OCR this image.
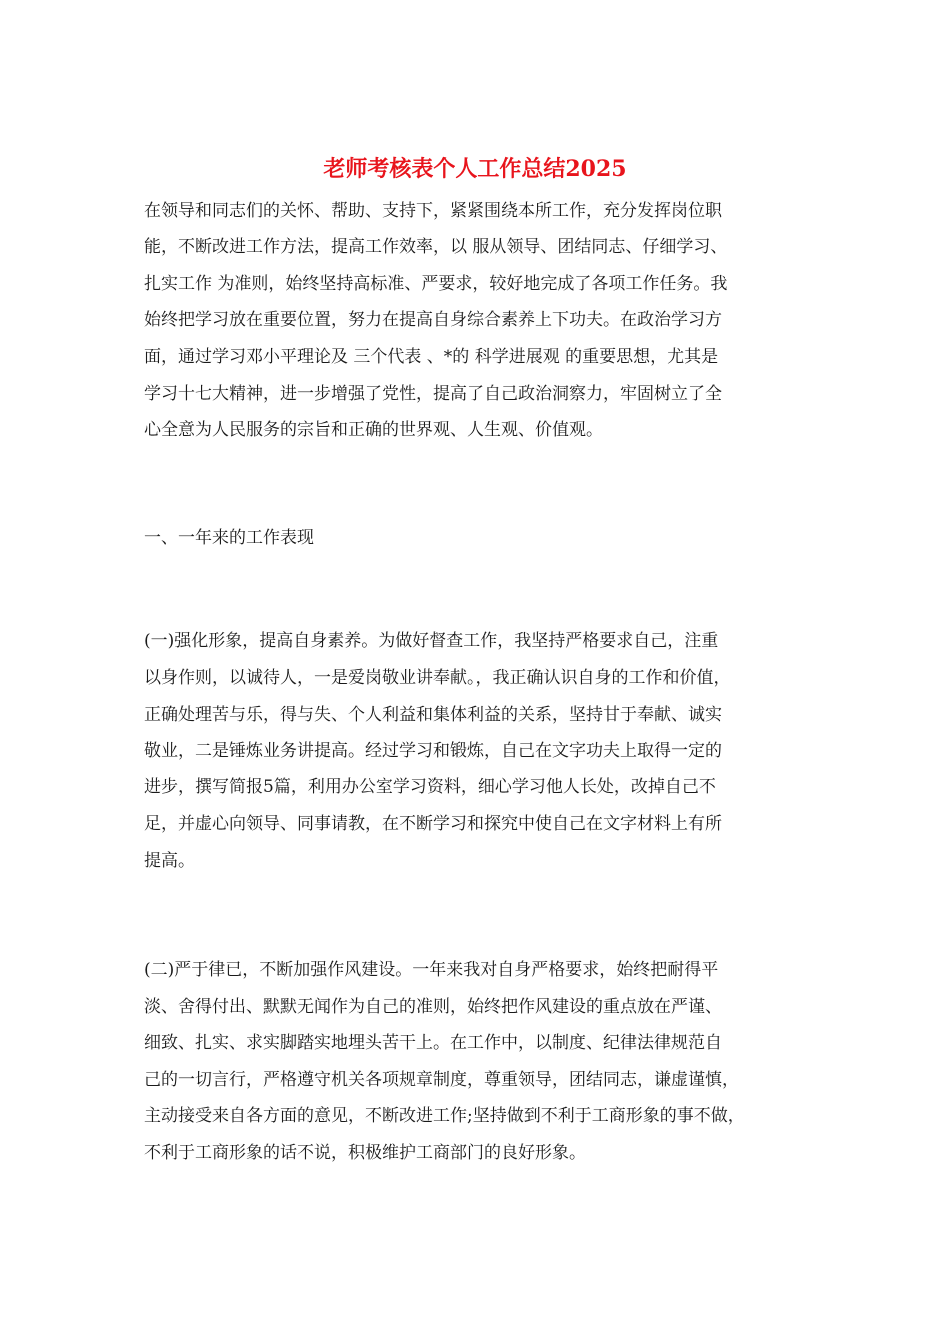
老师考核表个人工作总结2025

在领导和同志们的关怀、帮助、支持下，紧紧围绕本所工作，充分发挥岗位职

能，不断改进工作方法，提高工作效率，以 服从领导、团结同志、仔细学习、

扎实工作 为准则，始终坚持高标准、严要求，较好地完成了各项工作任务。我

始终把学习放在重要位置，努力在提高自身综合素养上下功夫。在政治学习方

面，通过学习邓小平理论及 三个代表 、*的 科学进展观 的重要思想，尤其是

学习十七大精神，进一步增强了党性，提高了自己政治洞察力，牢固树立了全

心全意为人民服务的宗旨和正确的世界观、人生观、价值观。

一、一年来的工作表现

(一)强化形象，提高自身素养。为做好督查工作，我坚持严格要求自己，注重

以身作则，以诚待人，一是爱岗敬业讲奉献。，我正确认识自身的工作和价值，

正确处理苦与乐，得与失、个人利益和集体利益的关系，坚持甘于奉献、诚实

敬业，二是锤炼业务讲提高。经过学习和锻炼，自己在文字功夫上取得一定的

进步，撰写简报5篇，利用办公室学习资料，细心学习他人长处，改掉自己不

足，并虚心向领导、同事请教，在不断学习和探究中使自己在文字材料上有所

提高。

(二)严于律已，不断加强作风建设。一年来我对自身严格要求，始终把耐得平

淡、舍得付出、默默无闻作为自己的准则，始终把作风建设的重点放在严谨、

细致、扎实、求实脚踏实地埋头苦干上。在工作中，以制度、纪律法律规范自

己的一切言行，严格遵守机关各项规章制度，尊重领导，团结同志，谦虚谨慎，

主动接受来自各方面的意见，不断改进工作;坚持做到不利于工商形象的事不做，

不利于工商形象的话不说，积极维护工商部门的良好形象。
